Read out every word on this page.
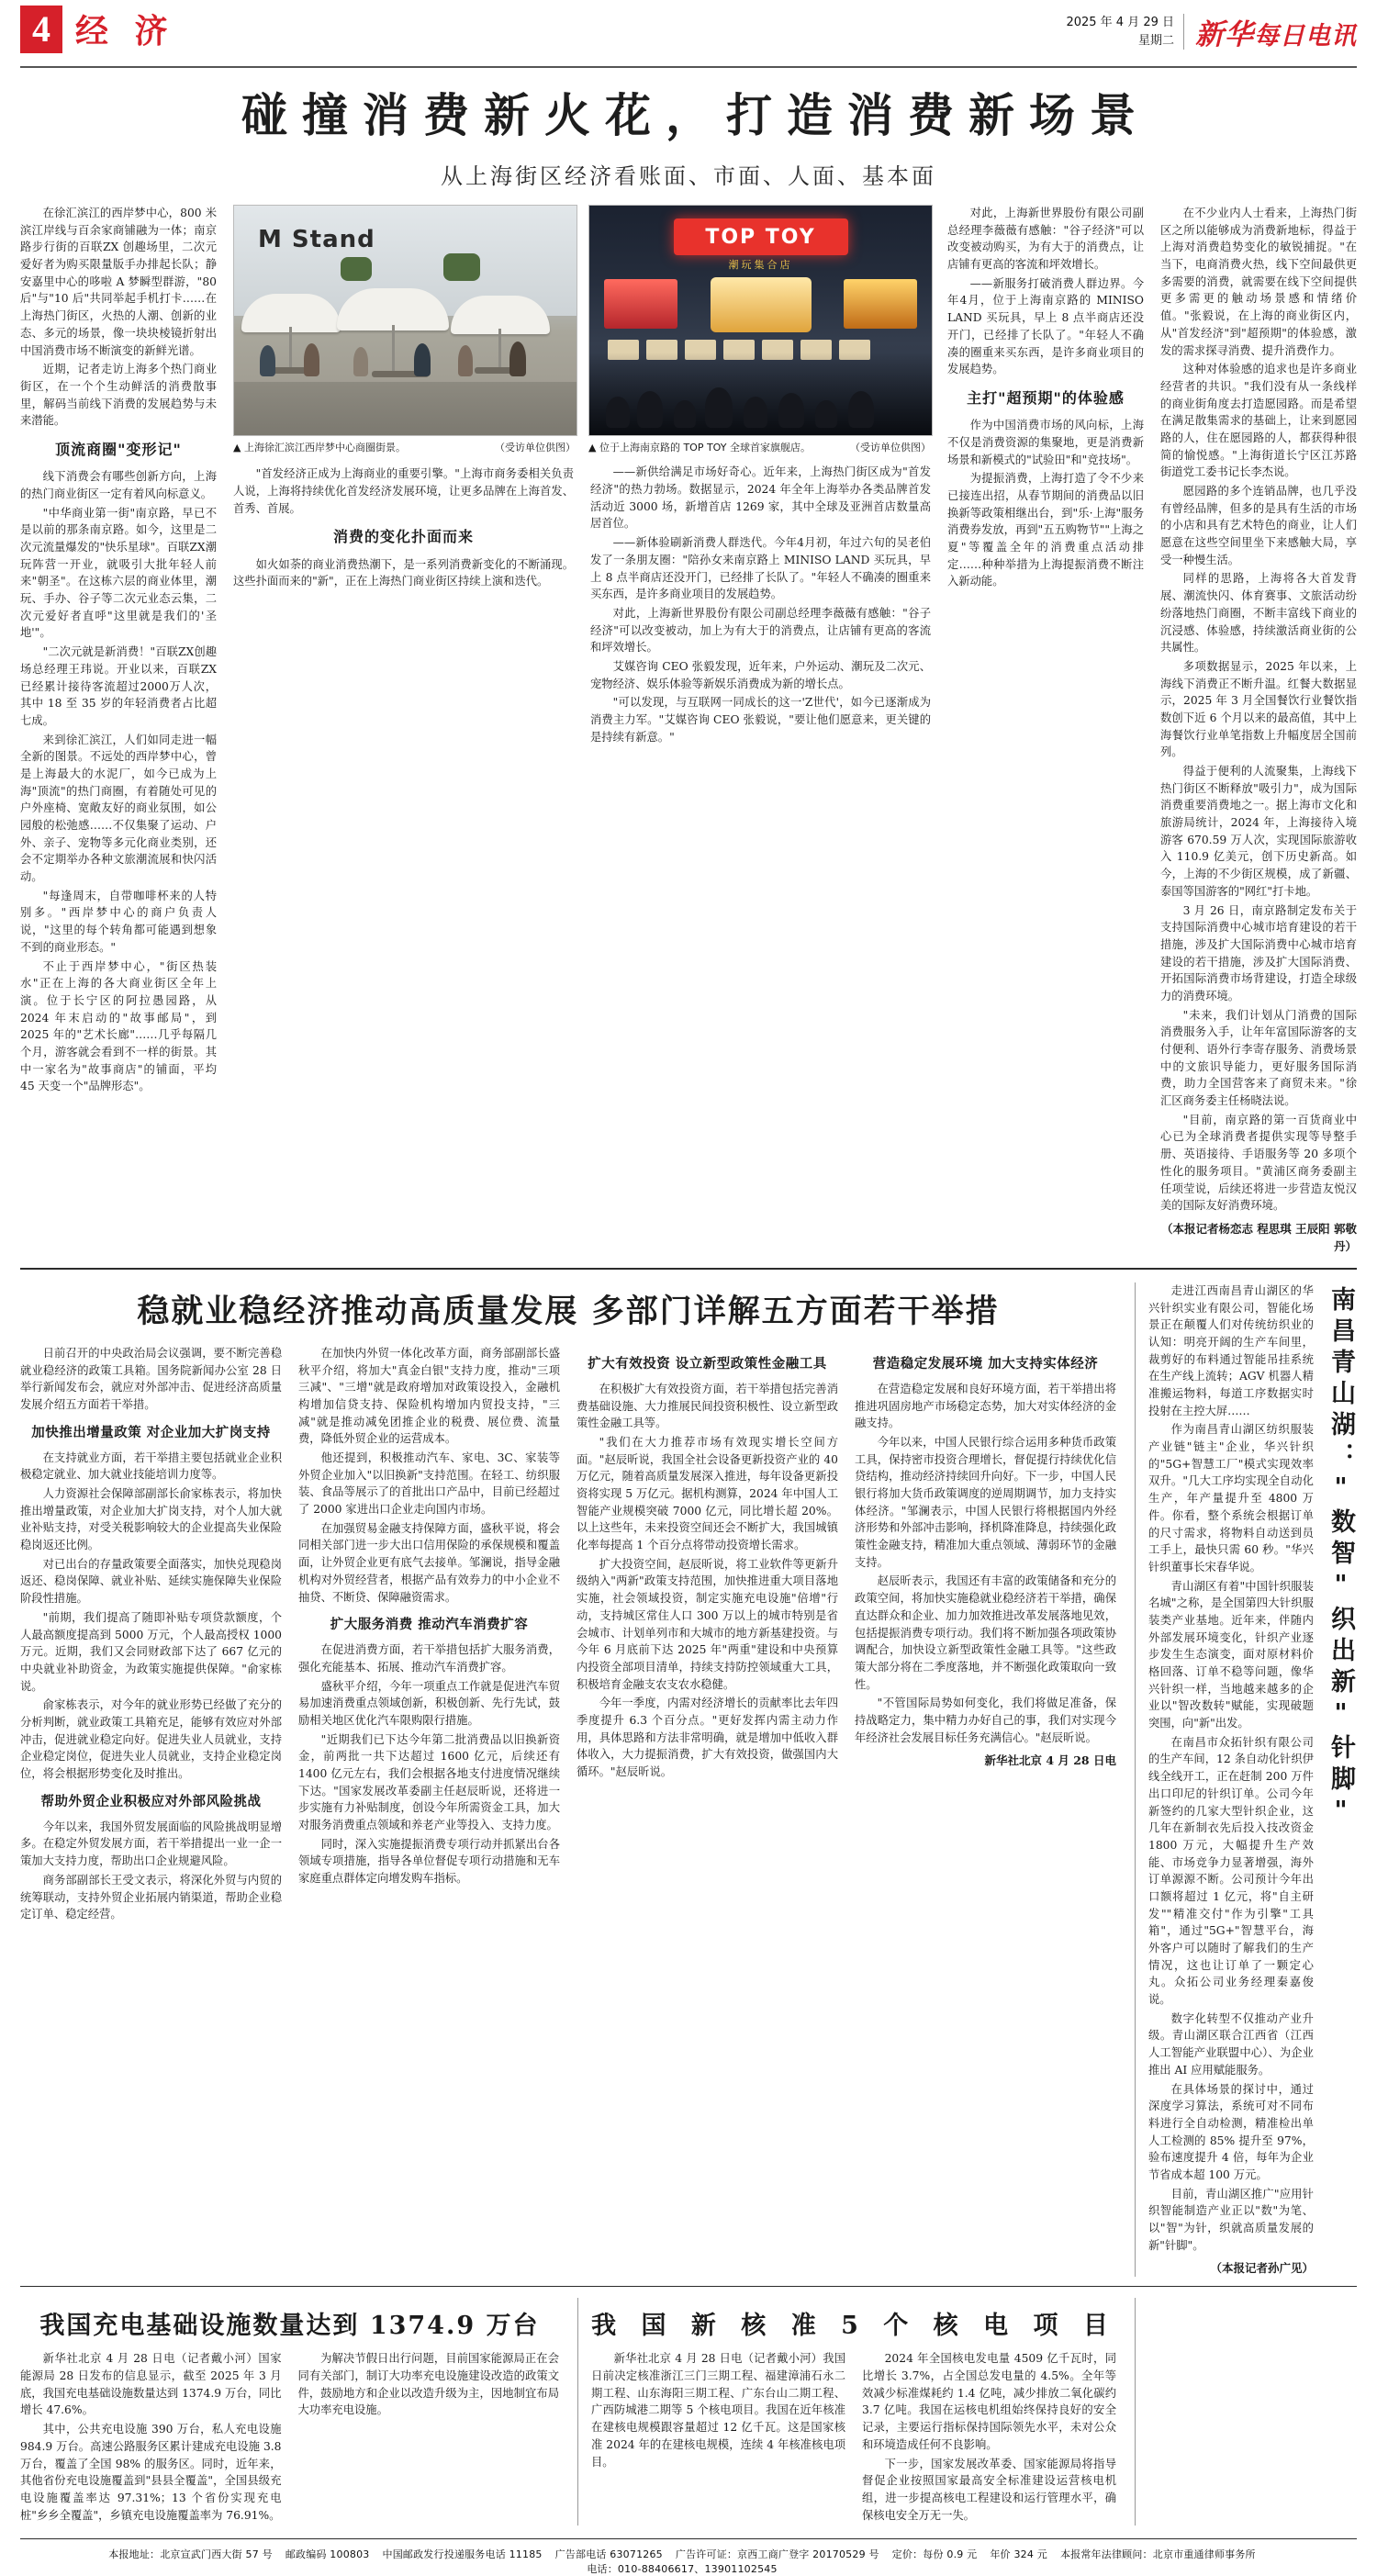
4 经 济	2025 年 4 月 29 日
星期二 新华每日电讯
碰撞消费新火花，打造消费新场景
从上海街区经济看账面、市面、人面、基本面

在徐汇滨江的西岸梦中心，800 米滨江岸线与百余家商铺融为一体；南京路步行街的百联ZX 创趣场里，二次元爱好者为购买限量版手办排起长队；静安嘉里中心的哆啦 A 梦瞬型群游，"80 后"与"10 后"共同举起手机打卡……在上海热门街区，火热的人潮、创新的业态、多元的场景，像一块块棱镜折射出中国消费市场不断演变的新鲜光谱。

近期，记者走访上海多个热门商业街区，在一个个生动鲜活的消费散事里，解码当前线下消费的发展趋势与未来潜能。

顶流商圈"变形记"

线下消费会有哪些创新方向，上海的热门商业街区一定有着风向标意义。

"中华商业第一街"南京路，早已不是以前的那条南京路。如今，这里是二次元流量爆发的"快乐星球"。百联ZX潮玩阵营一开业，就吸引大批年轻人前来"朝圣"。在这栋六层的商业体里，潮玩、手办、谷子等二次元业态云集，二次元爱好者直呼"这里就是我们的'圣地'"。

"二次元就是新消费！"百联ZX创趣场总经理王玮说。开业以来，百联ZX已经累计接待客流超过2000万人次，其中 18 至 35 岁的年轻消费者占比超七成。

来到徐汇滨江，人们如同走进一幅全新的图景。不远处的西岸梦中心，曾是上海最大的水泥厂，如今已成为上海"顶流"的热门商圈，有着随处可见的户外座椅、宽敞友好的商业氛围，如公园般的松弛感……不仅集聚了运动、户外、亲子、宠物等多元化商业类别，还会不定期举办各种文旅潮流展和快闪活动。

"每逢周末，自带咖啡杯来的人特别多。"西岸梦中心的商户负责人说，"这里的每个转角都可能遇到想象不到的商业形态。"

不止于西岸梦中心，"街区热装水"正在上海的各大商业街区全年上演。位于长宁区的阿拉愚园路，从 2024 年末启动的"故事邮局"，到 2025 年的"艺术长廊"……几乎每隔几个月，游客就会看到不一样的街景。其中一家名为"故事商店"的铺面，平均 45 天变一个"品牌形态"。

M Stand
▲ 上海徐汇滨江西岸梦中心商圈街景。	（受访单位供图）
TOP TOY
潮玩集合店
▲ 位于上海南京路的 TOP TOY 全球首家旗舰店。	（受访单位供图）

"首发经济正成为上海商业的重要引擎。"上海市商务委相关负责人说，上海将持续优化首发经济发展环境，让更多品牌在上海首发、首秀、首展。

消费的变化扑面而来

如火如荼的商业消费热潮下，是一系列消费新变化的不断涌现。这些扑面而来的"新"，正在上海热门商业街区持续上演和迭代。

——新供给满足市场好奇心。近年来，上海热门街区成为"首发经济"的热力勃场。数据显示，2024 年全年上海举办各类品牌首发活动近 3000 场，新增首店 1269 家，其中全球及亚洲首店数量高居首位。

——新体验刷新消费人群迭代。今年4月初，年过六旬的吴老伯发了一条朋友圈："陪孙女来南京路上 MINISO LAND 买玩具，早上 8 点半商店还没开门，已经排了长队了。"年轻人不确凑的圈重来买东西，是许多商业项目的发展趋势。

对此，上海新世界股份有限公司副总经理李薇薇有感触："谷子经济"可以改变被动，加上为有大于的消费点，让店铺有更高的客流和坪效增长。

艾媒咨询 CEO 张毅发现，近年来，户外运动、潮玩及二次元、宠物经济、娱乐体验等新娱乐消费成为新的增长点。

"可以发现，与互联网一同成长的这一'Z世代'，如今已逐渐成为消费主力军。"艾媒咨询 CEO 张毅说，"要让他们愿意来，更关键的是持续有新意。"

对此，上海新世界股份有限公司副总经理李薇薇有感触："谷子经济"可以改变被动购买，为有大于的消费点，让店铺有更高的客流和坪效增长。

——新服务打破消费人群边界。今年4月，位于上海南京路的 MINISO LAND 买玩具，早上 8 点半商店还没开门，已经排了长队了。"年轻人不确凑的圈重来买东西，是许多商业项目的发展趋势。

主打"超预期"的体验感

作为中国消费市场的风向标，上海不仅是消费资源的集聚地，更是消费新场景和新模式的"试验田"和"竞技场"。

为提振消费，上海打造了令不少来已接连出招，从春节期间的消费品以旧换新等政策相继出台，到"乐·上海"服务消费券发放，再到"五五购物节""上海之夏"等覆盖全年的消费重点活动排定……种种举措为上海提振消费不断注入新动能。

在不少业内人士看来，上海热门街区之所以能够成为消费新地标，得益于上海对消费趋势变化的敏锐捕捉。"在当下，电商消费火热，线下空间最供更多需要的消费，就需要在线下空间提供更多需更的触动场景感和情绪价值。"张毅说，在上海的商业街区内，从"首发经济"到"超预期"的体验感，激发的需求探寻消费、提升消费作力。

这种对体验感的追求也是许多商业经营者的共识。"我们没有从一条线样的商业街角度去打造愿园路。而是希望在满足散集需求的基础上，让来到愿园路的人，住在愿园路的人，都获得种很简的愉悦感。"上海街道长宁区江苏路街道党工委书记长李杰说。

愿园路的多个连销品牌，也几乎没有曾经品牌，但多的是具有生活的市场的小店和具有艺术特色的商业，让人们愿意在这些空间里坐下来感触大局，享受一种慢生活。

同样的思路，上海将各大首发背展、潮流快闪、体育赛事、文旅活动纷纷落地热门商圈，不断丰富线下商业的沉浸感、体验感，持续激活商业街的公共属性。

多项数据显示，2025 年以来，上海线下消费正不断升温。红餐大数据显示，2025 年 3 月全国餐饮行业餐饮指数创下近 6 个月以来的最高值，其中上海餐饮行业单笔指数上升幅度居全国前列。

得益于便利的人流聚集，上海线下热门街区不断释放"吸引力"，成为国际消费重要消费地之一。据上海市文化和旅游局统计，2024 年，上海接待入境游客 670.59 万人次，实现国际旅游收入 110.9 亿美元，创下历史新高。如今，上海的不少街区规模，成了新疆、泰国等国游客的"网红"打卡地。

3 月 26 日，南京路制定发布关于支持国际消费中心城市培育建设的若干措施，涉及扩大国际消费中心城市培育建设的若干措施，涉及扩大国际消费、开拓国际消费市场背建设，打造全球级力的消费环境。

"未来，我们计划从门消费的国际消费服务入手，让年年富国际游客的支付便利、语外行李寄存服务、消费场景中的文旅识导能力，更好服务国际消费，助力全国营客来了商贸未来。"徐汇区商务委主任杨晓法说。

"目前，南京路的第一百货商业中心已为全球消费者提供实现等导整手册、英语接待、手语服务等 20 多项个性化的服务项目。"黄浦区商务委副主任项莹说，后续还将进一步营造友悦汉美的国际友好消费环境。

（本报记者杨恋志 程思琪 王辰阳 郭敬丹）
稳就业稳经济推动高质量发展 多部门详解五方面若干举措

日前召开的中央政治局会议强调，要不断完善稳就业稳经济的政策工具箱。国务院新闻办公室 28 日举行新闻发布会，就应对外部冲击、促进经济高质量发展介绍五方面若干举措。

加快推出增量政策 对企业加大扩岗支持

在支持就业方面，若干举措主要包括就业企业积极稳定就业、加大就业技能培训力度等。

人力资源社会保障部副部长俞家栋表示，将加快推出增量政策，对企业加大扩岗支持，对个人加大就业补贴支持，对受关税影响较大的企业提高失业保险稳岗返还比例。

对已出台的存量政策要全面落实，加快兑现稳岗返还、稳岗保障、就业补贴、延续实施保障失业保险阶段性措施。

"前期，我们提高了随即补贴专项贷款额度，个人最高额度提高到 5000 万元，个人最高授权 1000 万元。近期，我们又会同财政部下达了 667 亿元的中央就业补助资金，为政策实施提供保障。"俞家栋说。

俞家栋表示，对今年的就业形势已经做了充分的分析判断，就业政策工具箱充足，能够有效应对外部冲击，促进就业稳定向好。促进失业人员就业，支持企业稳定岗位，促进失业人员就业，支持企业稳定岗位，将会根据形势变化及时推出。

帮助外贸企业积极应对外部风险挑战

今年以来，我国外贸发展面临的风险挑战明显增多。在稳定外贸发展方面，若干举措提出一业一企一策加大支持力度，帮助出口企业规避风险。

商务部副部长王受文表示，将深化外贸与内贸的统筹联动，支持外贸企业拓展内销渠道，帮助企业稳定订单、稳定经营。

在加快内外贸一体化改革方面，商务部副部长盛秋平介绍，将加大"真金白银"支持力度，推动"三项三减"、"三增"就是政府增加对政策设投入，金融机构增加信贷支持、保险机构增加内贸投支持，"三减"就是推动减免团推企业的税费、展位费、流量费，降低外贸企业的运营成本。

他还提到，积极推动汽车、家电、3C、家装等外贸企业加入"以旧换新"支持范围。在轻工、纺织服装、食品等展示了的首批出口产品中，目前已经超过了 2000 家进出口企业走向国内市场。

在加强贸易金融支持保障方面，盛秋平说，将会同相关部门进一步大出口信用保险的承保规模和覆盖面，让外贸企业更有底气去接单。邹澜说，指导金融机构对外贸经营者，根据产品有效券力的中小企业不抽贷、不断贷、保障融资需求。

扩大服务消费 推动汽车消费扩容

在促进消费方面，若干举措包括扩大服务消费，强化充能基本、拓展、推动汽车消费扩容。

盛秋平介绍，今年一项重点工作就是促进汽车贸易加速消费重点领域创新，积极创新、先行先试，鼓励相关地区优化汽车限购限行措施。

"近期我们已下达今年第二批消费品以旧换新资金，前两批一共下达超过 1600 亿元，后续还有 1400 亿元左右，我们会根据各地支付进度情况继续下达。"国家发展改革委副主任赵辰昕说，还将进一步实施有力补贴制度，创设今年所需资金工具，加大对服务消费重点领域和养老产业等投入、支持力度。

同时，深入实施提振消费专项行动并抓紧出台各领域专项措施，指导各单位督促专项行动措施和无车家庭重点群体定向增发购车指标。

扩大有效投资 设立新型政策性金融工具

在积极扩大有效投资方面，若干举措包括完善消费基础设施、大力推展民间投资积极性、设立新型政策性金融工具等。

"我们在大力推荐市场有效现实增长空间方面。"赵辰昕说，我国全社会设备更新投资产业的 40 万亿元，随着高质量发展深入推进，每年设备更新投资将实现 5 万亿元。据机构测算，2024 年中国人工智能产业规模突破 7000 亿元，同比增长超 20%。以上这些年，未来投资空间还会不断扩大，我国城镇化率每提高 1 个百分点将带动投资增长需求。

扩大投资空间，赵辰昕说，将工业软件等更新升级纳入"两新"政策支持范围，加快推进重大项目落地实施，社会领域投资，制定实施充电设施"倍增"行动，支持城区常住人口 300 万以上的城市特别是省会城市、计划单列市和大城市的地方新基建投资。与今年 6 月底前下达 2025 年"两重"建设和中央预算内投资全部项目清单，持续支持防控领域重大工具，积极培育金融支农支农水稳健。

今年一季度，内需对经济增长的贡献率比去年四季度提升 6.3 个百分点。"更好发挥内需主动力作用，具体思路和方法非常明确，就是增加中低收入群体收入，大力提振消费，扩大有效投资，做强国内大循环。"赵辰昕说。

营造稳定发展环境 加大支持实体经济

在营造稳定发展和良好环境方面，若干举措出将推进巩固房地产市场稳定态势，加大对实体经济的金融支持。

今年以来，中国人民银行综合运用多种货币政策工具，保持密市投资合理增长，督促提行持续优化信贷结构，推动经济持续回升向好。下一步，中国人民银行将加大货币政策调度的逆周期调节，加力支持实体经济。"邹澜表示，中国人民银行将根据国内外经济形势和外部冲击影响，择机降准降息，持续强化政策性金融支持，精准加大重点领域、薄弱环节的金融支持。

赵辰昕表示，我国还有丰富的政策储备和充分的政策空间，将加快实施稳就业稳经济若干举措，确保直达群众和企业、加力加效推进改革发展落地见效，包括提振消费专项行动。我们将不断加强各项政策协调配合，加快设立新型政策性金融工具等。"这些政策大部分将在二季度落地，并不断强化政策取向一致性。

"不管国际局势如何变化，我们将做足准备，保持战略定力，集中精力办好自己的事，我们对实现今年经济社会发展目标任务充满信心。"赵辰昕说。

新华社北京 4 月 28 日电

走进江西南昌青山湖区的华兴针织实业有限公司，智能化场景正在颠覆人们对传统纺织业的认知：明亮开阔的生产车间里，裁剪好的布料通过智能吊挂系统在生产线上流转；AGV 机器人精准搬运物料，每道工序数据实时投射在主控大屏……

作为南昌青山湖区纺织服装产业链"链主"企业，华兴针织的"5G+智慧工厂"模式实现效率双升。"几大工序均实现全自动化生产，年产量提升至 4800 万件。你看，整个系统会根据订单的尺寸需求，将物料自动送到员工手上，最快只需 60 秒。"华兴针织董事长宋春华说。

青山湖区有着"中国针织服装名城"之称，是全国第四大针织服装类产业基地。近年来，伴随内外部发展环境变化，针织产业逐步发生生态演变，面对原材料价格回落、订单不稳等问题，像华兴针织一样，当地越来越多的企业以"智改数转"赋能，实现破题突围，向"新"出发。

在南昌市众拓针织有限公司的生产车间，12 条自动化针织伊线全线开工，正在赶制 200 万件出口印尼的针织订单。公司今年新签约的几家大型针织企业，这几年在新制衣先后投入技改资金 1800 万元，大幅提升生产效能、市场竞争力显著增强，海外订单源源不断。公司预计今年出口额将超过 1 亿元，将"自主研发""精准交付"作为引擎"工具箱"，通过"5G+"智慧平台，海外客户可以随时了解我们的生产情况，这也让订单了一颗定心丸。众拓公司业务经理秦嘉俊说。

数字化转型不仅推动产业升级。青山湖区联合江西省（江西人工智能产业联盟中心）、为企业推出 AI 应用赋能服务。

在具体场景的探讨中，通过深度学习算法，系统可对不同布料进行全自动检测，精准检出单人工检测的 85% 提升至 97%，验布速度提升 4 倍，每年为企业节省成本超 100 万元。

目前，青山湖区推广"应用针织智能制造产业正以"数"为笔、以"智"为针，织就高质量发展的新"针脚"。

（本报记者孙广见）
南昌青山湖："数智"织出新"针脚"
我国充电基础设施数量达到 1374.9 万台

新华社北京 4 月 28 日电（记者戴小河）国家能源局 28 日发布的信息显示，截至 2025 年 3 月底，我国充电基础设施数量达到 1374.9 万台，同比增长 47.6%。

其中，公共充电设施 390 万台，私人充电设施 984.9 万台。高速公路服务区累计建成充电设施 3.8 万台，覆盖了全国 98% 的服务区。同时，近年来，其他省份充电设施覆盖到"县县全覆盖"，全国县级充电设施覆盖率达 97.31%；13 个省份实现充电桩"乡乡全覆盖"，乡镇充电设施覆盖率为 76.91%。

为解决节假日出行问题，目前国家能源局正在会同有关部门，制订大功率充电设施建设改造的政策文件，鼓励地方和企业以改造升级为主，因地制宜布局大功率充电设施。

我 国 新 核 准 5 个 核 电 项 目

新华社北京 4 月 28 日电（记者戴小河）我国日前决定核准浙江三门三期工程、福建漳浦石永二期工程、山东海阳三期工程、广东台山二期工程、广西防城港二期等 5 个核电项目。我国在近年核准在建核电规模跟容量超过 12 亿千瓦。这是国家核准 2024 年的在建核电规模，连续 4 年核准核电项目。

2024 年全国核电发电量 4509 亿千瓦时，同比增长 3.7%，占全国总发电量的 4.5%。全年等效减少标准煤耗约 1.4 亿吨，减少排放二氧化碳约 3.7 亿吨。我国在运核电机组始终保持良好的安全记录，主要运行指标保持国际领先水平，未对公众和环境造成任何不良影响。

下一步，国家发展改革委、国家能源局将指导督促企业按照国家最高安全标准建设运营核电机组，进一步提高核电工程建设和运行管理水平，确保核电安全万无一失。

本报地址：北京宣武门西大街 57 号 邮政编码 100803 中国邮政发行投递服务电话 11185 广告部电话 63071265 广告许可证：京西工商广登字 20170529 号 定价：每份 0.9 元 年价 324 元 本报常年法律顾问：北京市重通律师事务所电话：010-88406617、13901102545
